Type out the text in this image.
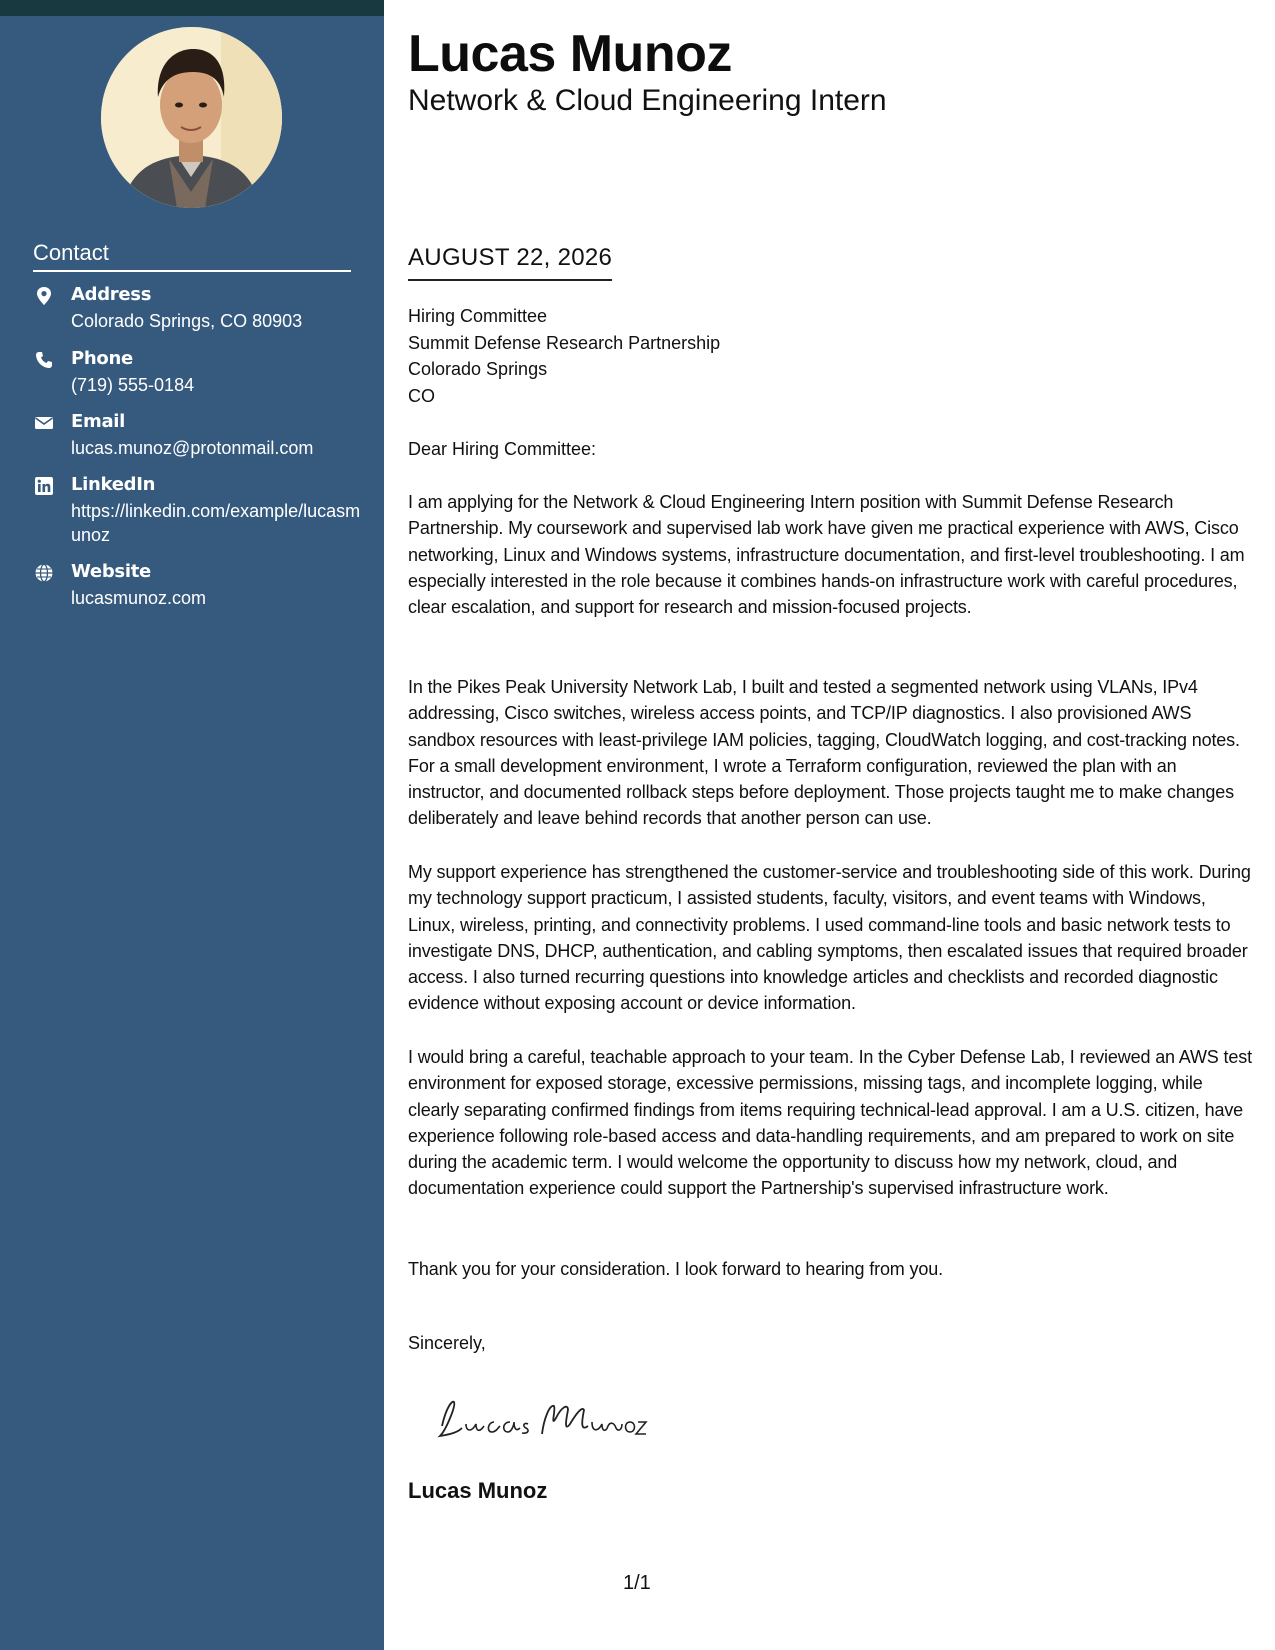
Contact
Address
Colorado Springs, CO 80903
Phone
(719) 555-0184
Email
lucas.munoz@protonmail.com
LinkedIn
https://linkedin.com/example/lucasmunoz
Website
lucasmunoz.com
Lucas Munoz
Network & Cloud Engineering Intern
AUGUST 22, 2026
Hiring Committee
Summit Defense Research Partnership
Colorado Springs
CO
Dear Hiring Committee:

I am applying for the Network & Cloud Engineering Intern position with Summit Defense Research Partnership. My coursework and supervised lab work have given me practical experience with AWS, Cisco networking, Linux and Windows systems, infrastructure documentation, and first-level troubleshooting. I am especially interested in the role because it combines hands-on infrastructure work with careful procedures, clear escalation, and support for research and mission-focused projects.

In the Pikes Peak University Network Lab, I built and tested a segmented network using VLANs, IPv4 addressing, Cisco switches, wireless access points, and TCP/IP diagnostics. I also provisioned AWS sandbox resources with least-privilege IAM policies, tagging, CloudWatch logging, and cost-tracking notes. For a small development environment, I wrote a Terraform configuration, reviewed the plan with an instructor, and documented rollback steps before deployment. Those projects taught me to make changes deliberately and leave behind records that another person can use.

My support experience has strengthened the customer-service and troubleshooting side of this work. During my technology support practicum, I assisted students, faculty, visitors, and event teams with Windows, Linux, wireless, printing, and connectivity problems. I used command-line tools and basic network tests to investigate DNS, DHCP, authentication, and cabling symptoms, then escalated issues that required broader access. I also turned recurring questions into knowledge articles and checklists and recorded diagnostic evidence without exposing account or device information.

I would bring a careful, teachable approach to your team. In the Cyber Defense Lab, I reviewed an AWS test environment for exposed storage, excessive permissions, missing tags, and incomplete logging, while clearly separating confirmed findings from items requiring technical-lead approval. I am a U.S. citizen, have experience following role-based access and data-handling requirements, and am prepared to work on site during the academic term. I would welcome the opportunity to discuss how my network, cloud, and documentation experience could support the Partnership's supervised infrastructure work.

Thank you for your consideration. I look forward to hearing from you.

Sincerely,
Lucas Munoz
1/1
